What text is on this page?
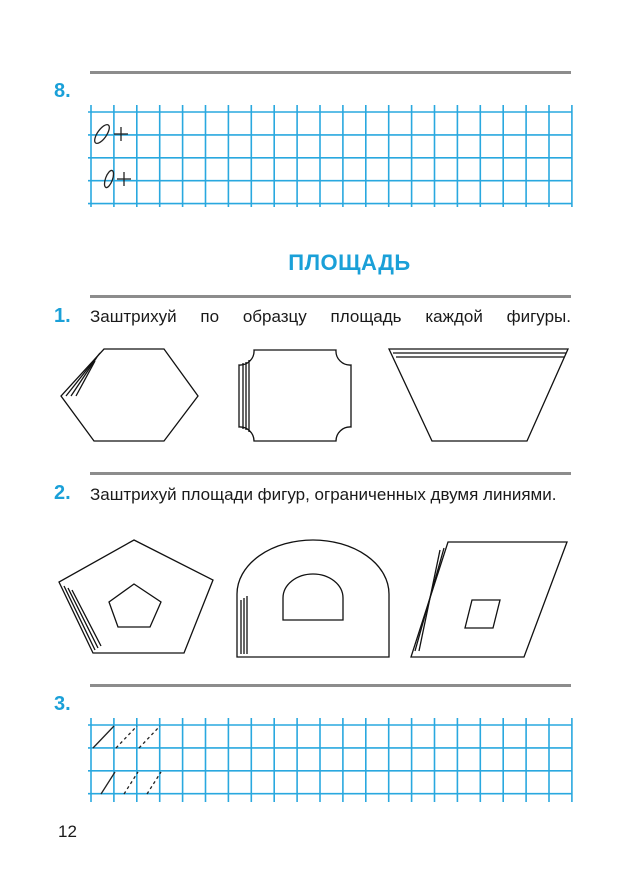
8.
ПЛОЩАДЬ
1. Заштрихуй по образцу площадь каждой фигуры.
2. Заштрихуй площади фигур, ограниченных двумя линиями.
3.
12
